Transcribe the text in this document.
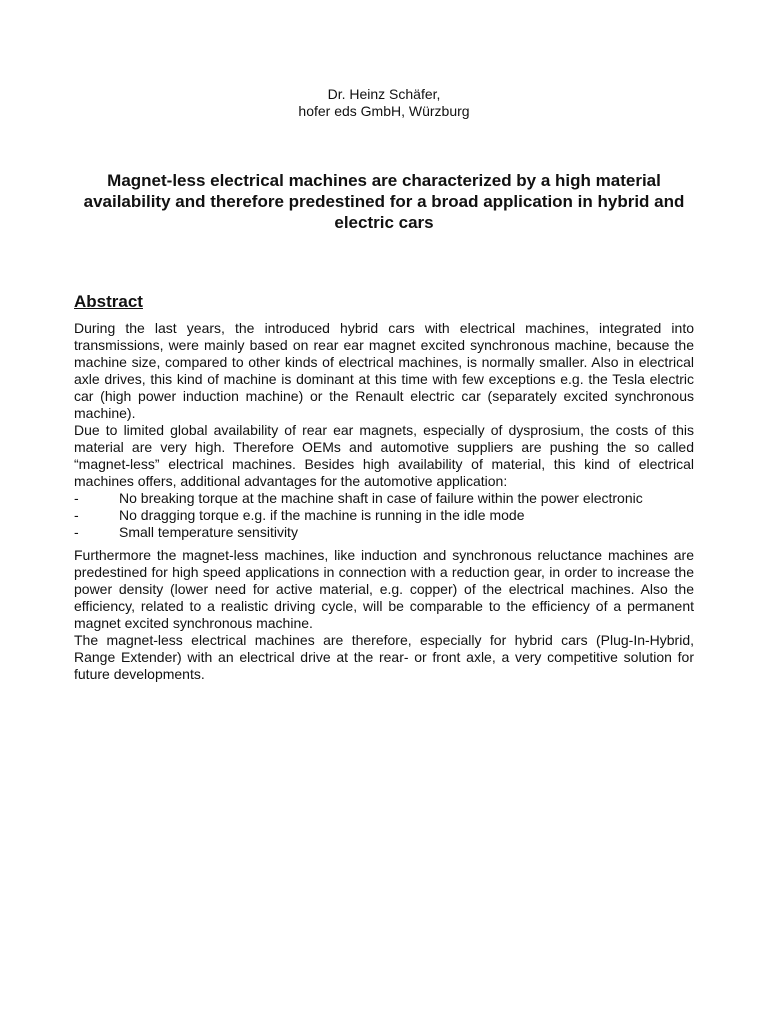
Dr. Heinz Schäfer,
hofer eds GmbH, Würzburg
Magnet-less electrical machines are characterized by a high material availability and therefore predestined for a broad application in hybrid and electric cars
Abstract

During the last years, the introduced hybrid cars with electrical machines, integrated into transmissions, were mainly based on rear ear magnet excited synchronous machine, because the machine size, compared to other kinds of electrical machines, is normally smaller. Also in electrical axle drives, this kind of machine is dominant at this time with few exceptions e.g. the Tesla electric car (high power induction machine) or the Renault electric car (separately excited synchronous machine).

Due to limited global availability of rear ear magnets, especially of dysprosium, the costs of this material are very high. Therefore OEMs and automotive suppliers are pushing the so called “magnet-less” electrical machines. Besides high availability of material, this kind of electrical machines offers, additional advantages for the automotive application:

-	No breaking torque at the machine shaft in case of failure within the power electronic
-	No dragging torque e.g. if the machine is running in the idle mode
-	Small temperature sensitivity

Furthermore the magnet-less machines, like induction and synchronous reluctance machines are predestined for high speed applications in connection with a reduction gear, in order to increase the power density (lower need for active material, e.g. copper) of the electrical machines. Also the efficiency, related to a realistic driving cycle, will be comparable to the efficiency of a permanent magnet excited synchronous machine.

The magnet-less electrical machines are therefore, especially for hybrid cars (Plug-In-Hybrid, Range Extender) with an electrical drive at the rear- or front axle, a very competitive solution for future developments.
